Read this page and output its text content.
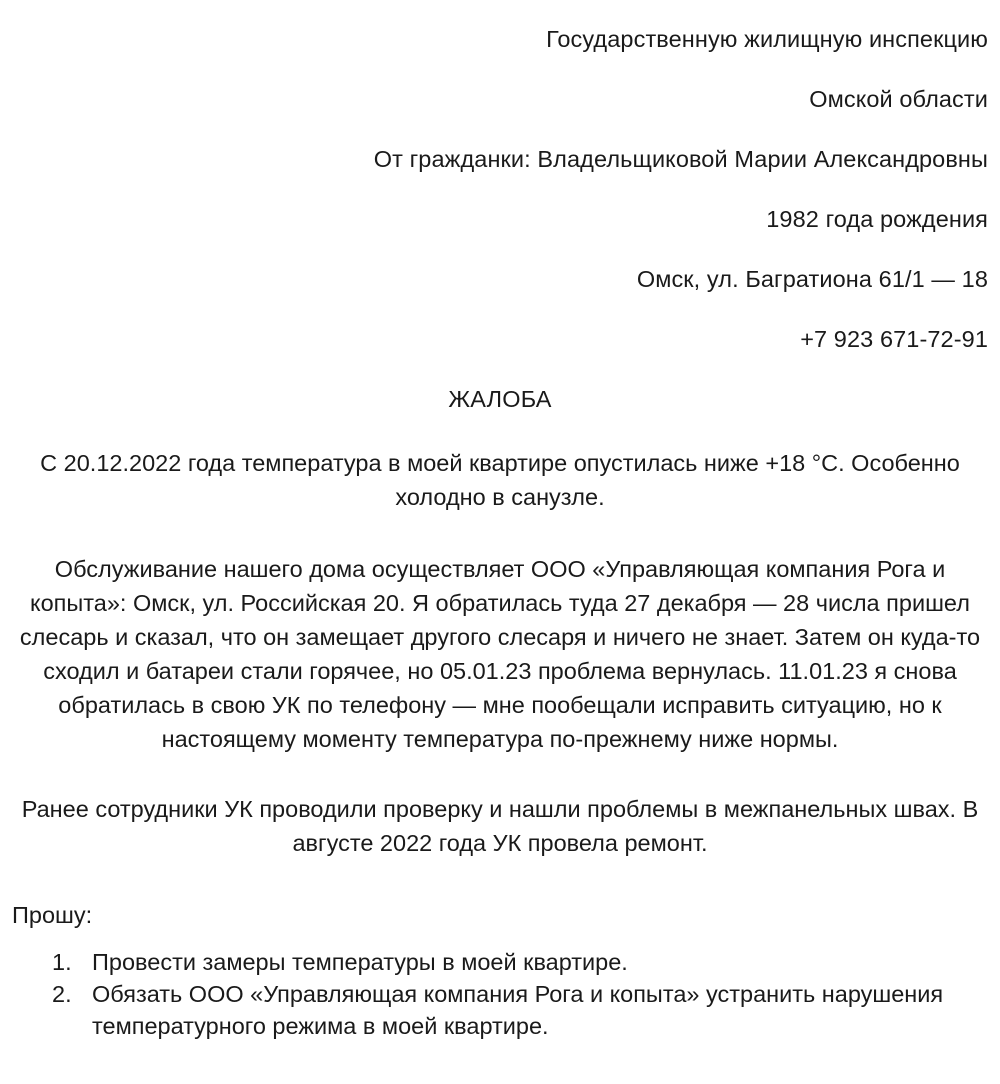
Государственную жилищную инспекцию
Омской области
От гражданки: Владельщиковой Марии Александровны
1982 года рождения
Омск, ул. Багратиона 61/1 — 18
+7 923 671-72-91
ЖАЛОБА

С 20.12.2022 года температура в моей квартире опустилась ниже +18 °C. Особенно холодно в санузле.

Обслуживание нашего дома осуществляет ООО «Управляющая компания Рога и копыта»: Омск, ул. Российская 20. Я обратилась туда 27 декабря — 28 числа пришел слесарь и сказал, что он замещает другого слесаря и ничего не знает. Затем он куда-то сходил и батареи стали горячее, но 05.01.23 проблема вернулась. 11.01.23 я снова обратилась в свою УК по телефону — мне пообещали исправить ситуацию, но к настоящему моменту температура по-прежнему ниже нормы.

Ранее сотрудники УК проводили проверку и нашли проблемы в межпанельных швах. В августе 2022 года УК провела ремонт.

Прошу:

1. Провести замеры температуры в моей квартире.
2. Обязать ООО «Управляющая компания Рога и копыта» устранить нарушения температурного режима в моей квартире.
